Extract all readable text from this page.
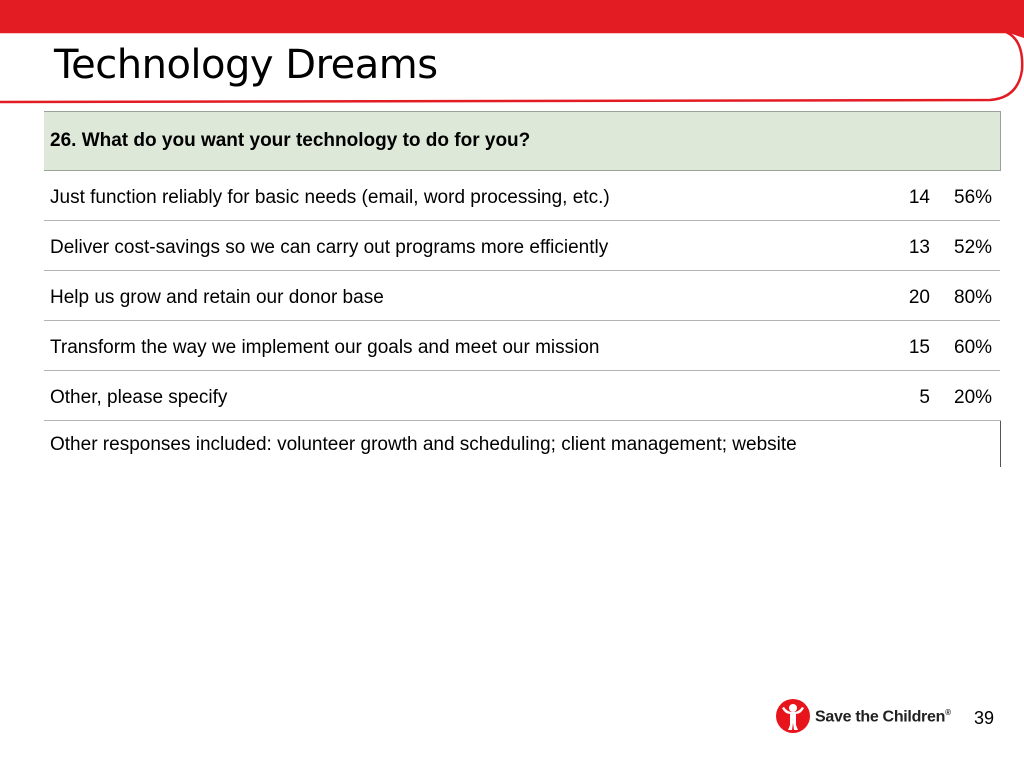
Technology Dreams
26. What do you want your technology to do for you?		
Just function reliably for basic needs (email, word processing, etc.)	14	56%
Deliver cost-savings so we can carry out programs more efficiently	13	52%
Help us grow and retain our donor base	20	80%
Transform the way we implement our goals and meet our mission	15	60%
Other, please specify	5	20%
Other responses included: volunteer growth and scheduling; client management; website		
Save the Children® 39
